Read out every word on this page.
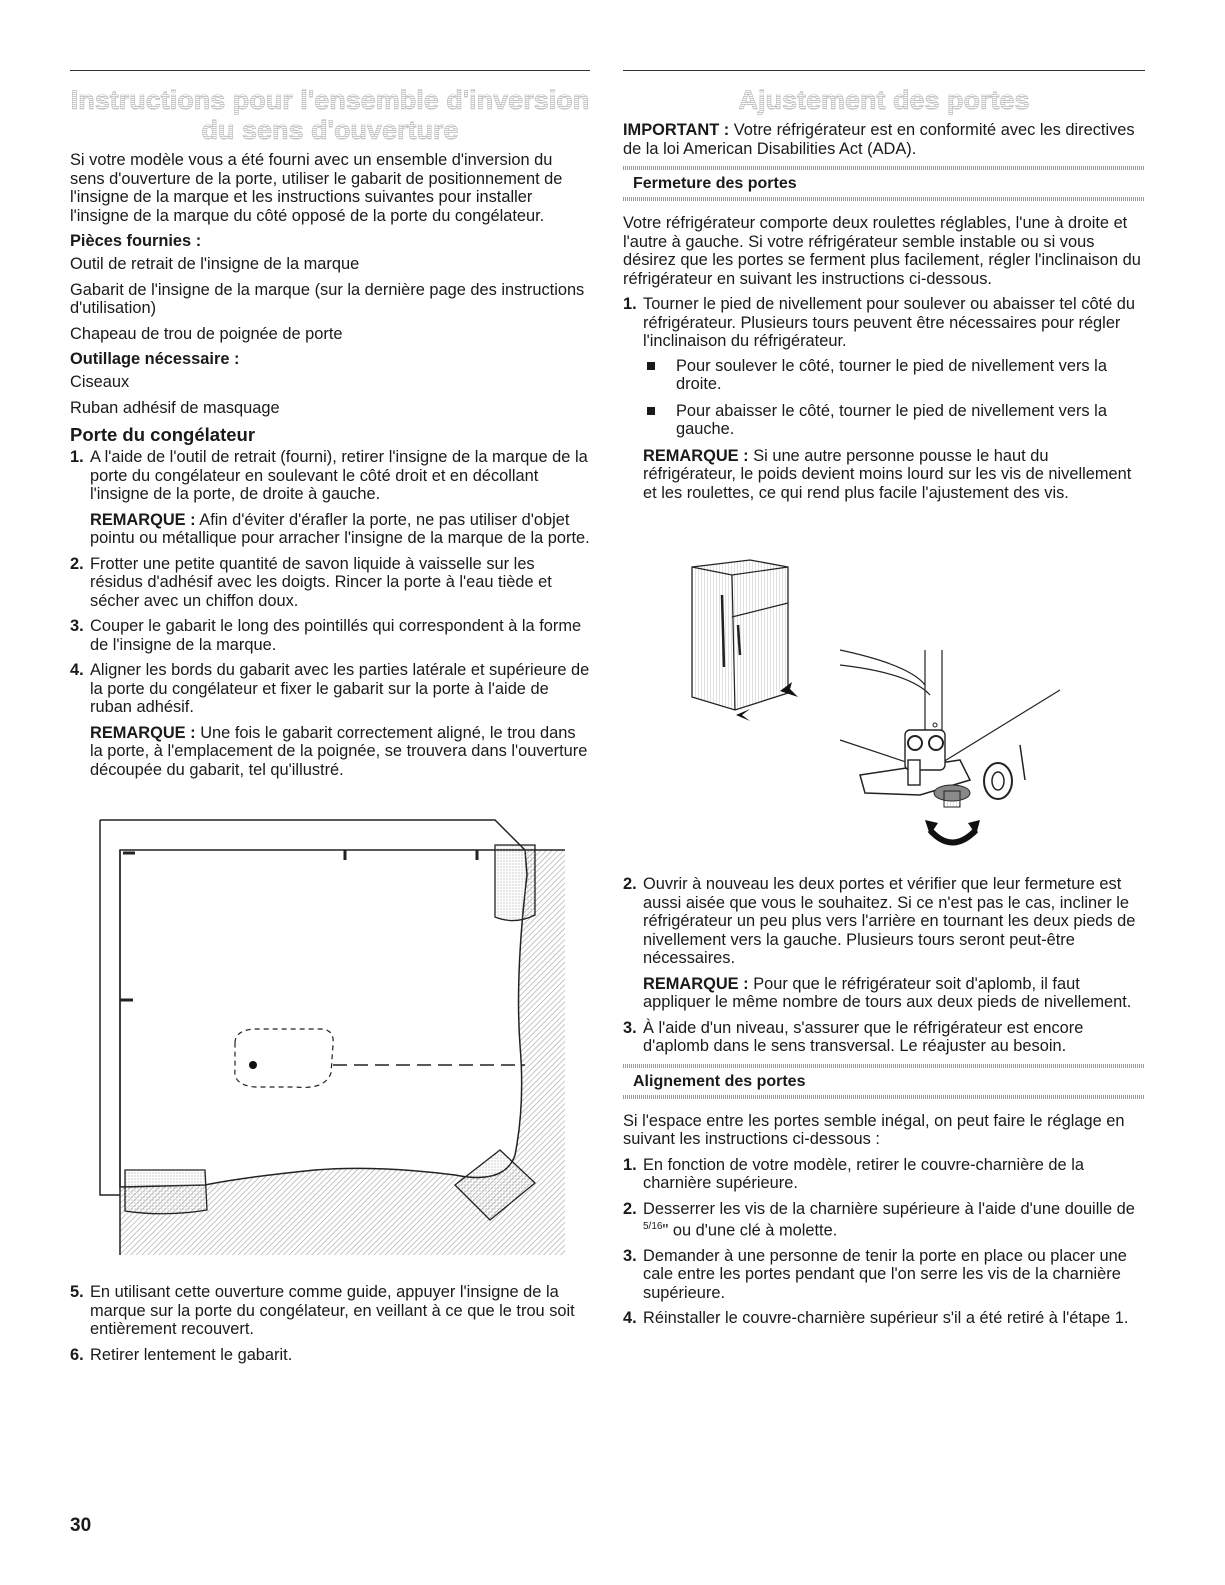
Instructions pour l'ensemble d'inversion du sens d'ouverture

Si votre modèle vous a été fourni avec un ensemble d'inversion du sens d'ouverture de la porte, utiliser le gabarit de positionnement de l'insigne de la marque et les instructions suivantes pour installer l'insigne de la marque du côté opposé de la porte du congélateur.

Pièces fournies :

Outil de retrait de l'insigne de la marque

Gabarit de l'insigne de la marque (sur la dernière page des instructions d'utilisation)

Chapeau de trou de poignée de porte

Outillage nécessaire :

Ciseaux

Ruban adhésif de masquage

Porte du congélateur

1. A l'aide de l'outil de retrait (fourni), retirer l'insigne de la marque de la porte du congélateur en soulevant le côté droit et en décollant l'insigne de la porte, de droite à gauche.

REMARQUE : Afin d'éviter d'érafler la porte, ne pas utiliser d'objet pointu ou métallique pour arracher l'insigne de la marque de la porte.

2. Frotter une petite quantité de savon liquide à vaisselle sur les résidus d'adhésif avec les doigts. Rincer la porte à l'eau tiède et sécher avec un chiffon doux.
3. Couper le gabarit le long des pointillés qui correspondent à la forme de l'insigne de la marque.
4. Aligner les bords du gabarit avec les parties latérale et supérieure de la porte du congélateur et fixer le gabarit sur la porte à l'aide de ruban adhésif.

REMARQUE : Une fois le gabarit correctement aligné, le trou dans la porte, à l'emplacement de la poignée, se trouvera dans l'ouverture découpée du gabarit, tel qu'illustré.

5. En utilisant cette ouverture comme guide, appuyer l'insigne de la marque sur la porte du congélateur, en veillant à ce que le trou soit entièrement recouvert.
6. Retirer lentement le gabarit.
Ajustement des portes

IMPORTANT : Votre réfrigérateur est en conformité avec les directives de la loi American Disabilities Act (ADA).

Fermeture des portes

Votre réfrigérateur comporte deux roulettes réglables, l'une à droite et l'autre à gauche. Si votre réfrigérateur semble instable ou si vous désirez que les portes se ferment plus facilement, régler l'inclinaison du réfrigérateur en suivant les instructions ci-dessous.

1. Tourner le pied de nivellement pour soulever ou abaisser tel côté du réfrigérateur. Plusieurs tours peuvent être nécessaires pour régler l'inclinaison du réfrigérateur.
Pour soulever le côté, tourner le pied de nivellement vers la droite.
Pour abaisser le côté, tourner le pied de nivellement vers la gauche.

REMARQUE : Si une autre personne pousse le haut du réfrigérateur, le poids devient moins lourd sur les vis de nivellement et les roulettes, ce qui rend plus facile l'ajustement des vis.

2. Ouvrir à nouveau les deux portes et vérifier que leur fermeture est aussi aisée que vous le souhaitez. Si ce n'est pas le cas, incliner le réfrigérateur un peu plus vers l'arrière en tournant les deux pieds de nivellement vers la gauche. Plusieurs tours seront peut-être nécessaires.

REMARQUE : Pour que le réfrigérateur soit d'aplomb, il faut appliquer le même nombre de tours aux deux pieds de nivellement.

3. À l'aide d'un niveau, s'assurer que le réfrigérateur est encore d'aplomb dans le sens transversal. Le réajuster au besoin.

Alignement des portes

Si l'espace entre les portes semble inégal, on peut faire le réglage en suivant les instructions ci-dessous :

1. En fonction de votre modèle, retirer le couvre-charnière de la charnière supérieure.
2. Desserrer les vis de la charnière supérieure à l'aide d'une douille de $^{5/16}$" ou d'une clé à molette.
3. Demander à une personne de tenir la porte en place ou placer une cale entre les portes pendant que l'on serre les vis de la charnière supérieure.
4. Réinstaller le couvre-charnière supérieur s'il a été retiré à l'étape 1.
30
